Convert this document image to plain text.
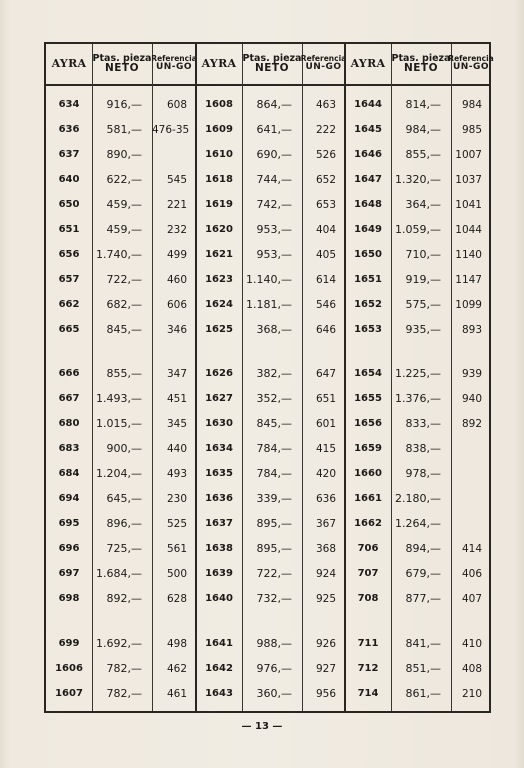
AYRA Ptas. pieza
NETO
Referencia
UN-GO
634	916,—	608
636	581,— 476-35
637	890,—
640	622,—	545
650	459,—	221
651	459,—	232
656	1.740,—	499
657	722,—	460
662	682,—	606
665	845,—	346
666	855,—	347
667	1.493,—	451
680	1.015,—	345
683	900,—	440
684	1.204,—	493
694	645,—	230
695	896,—	525
696	725,—	561
697	1.684,—	500
698	892,—	628
699	1.692,—	498
1606	782,—	462
1607	782,—	461
AYRA Ptas. pieza
NETO
Referencia
UN-GO
1608	864,—	463
1609	641,—	222
1610	690,—	526
1618	744,—	652
1619	742,—	653
1620	953,—	404
1621	953,—	405
1623	1.140,—	614
1624	1.181,—	546
1625	368,—	646
1626	382,—	647
1627	352,—	651
1630	845,—	601
1634	784,—	415
1635	784,—	420
1636	339,—	636
1637	895,—	367
1638	895,—	368
1639	722,—	924
1640	732,—	925
1641	988,—	926
1642	976,—	927
1643	360,—	956
AYRA Ptas. pieza
NETO
Referencia
UN-GO
1644	814,—	984
1645	984,—	985
1646	855,—	1007
1647	1.320,—	1037
1648	364,—	1041
1649	1.059,—	1044
1650	710,—	1140
1651	919,—	1147
1652	575,—	1099
1653	935,—	893
1654	1.225,—	939
1655	1.376,—	940
1656	833,—	892
1659	838,—
1660	978,—
1661	2.180,—
1662	1.264,—
706	894,—	414
707	679,—	406
708	877,—	407
711	841,—	410
712	851,—	408
714	861,—	210
— 13 —
